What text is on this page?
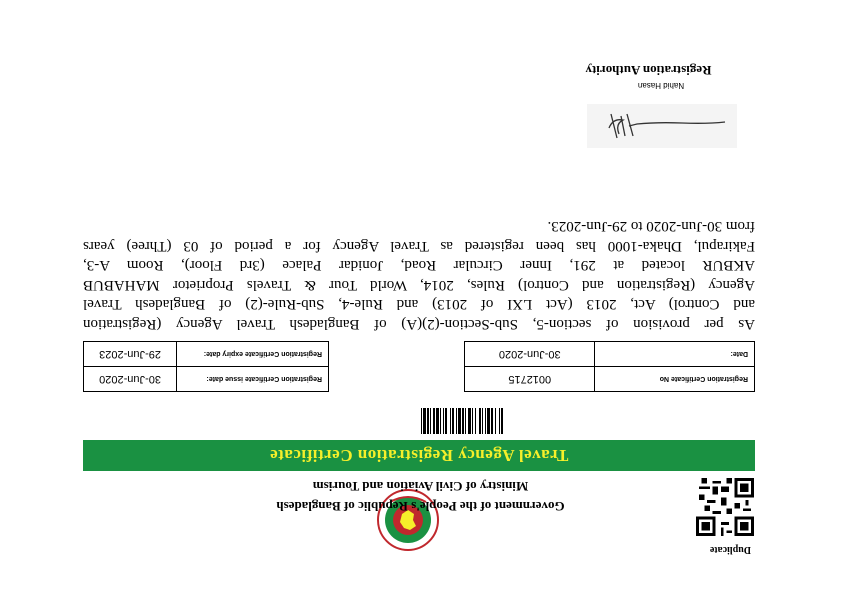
Duplicate
Government of the People's Republic of Bangladesh
Ministry of Civil Aviation and Tourism
Travel Agency Registration Certificate
Registration Certificate No	0012715
Date:	30-Jun-2020
Registration Certificate issue date:	30-Jun-2020
Registration Certificate expiry date:	29-Jun-2023
As per provision of section-5, Sub-Section-(2)(A) of Bangladesh Travel Agency (Registration
and Control) Act, 2013 (Act LXI of 2013) and Rule-4, Sub-Rule-(2) of Bangladesh Travel
Agency (Registration and Control) Rules, 2014, World Tour & Travels Proprietor MAHABUB
AKBUR located at 291, Inner Circular Road, Jonidar Palace (3rd Floor), Room A-3,
Fakirapul, Dhaka-1000 has been registered as Travel Agency for a period of 03 (Three) years
from 30-Jun-2020 to 29-Jun-2023.
Nahid Hasan
Registration Authority
